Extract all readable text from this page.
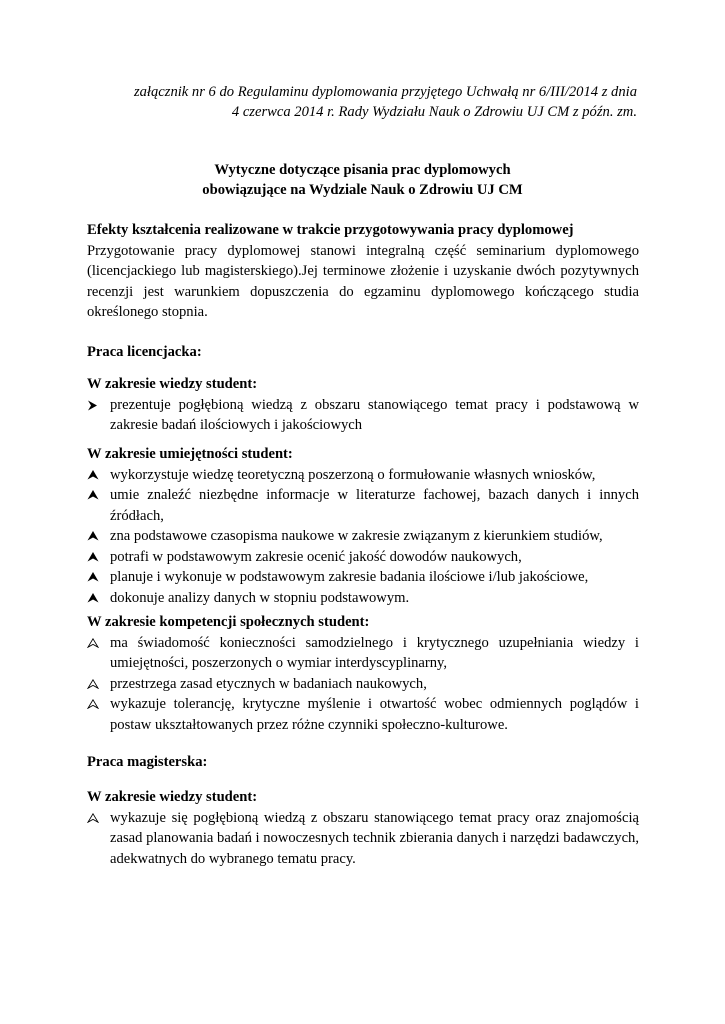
załącznik nr 6 do Regulaminu dyplomowania przyjętego Uchwałą nr 6/III/2014 z dnia
4 czerwca 2014 r. Rady Wydziału Nauk o Zdrowiu UJ CM z późn. zm.
Wytyczne dotyczące pisania prac dyplomowych
obowiązujące na Wydziale Nauk o Zdrowiu UJ CM
Efekty kształcenia realizowane w trakcie przygotowywania pracy dyplomowej
Przygotowanie pracy dyplomowej stanowi integralną część seminarium dyplomowego (licencjackiego lub magisterskiego).Jej terminowe złożenie i uzyskanie dwóch pozytywnych recenzji jest warunkiem dopuszczenia do egzaminu dyplomowego kończącego studia określonego stopnia.
Praca licencjacka:
W zakresie wiedzy student:
prezentuje pogłębioną wiedzą z obszaru stanowiącego temat pracy i podstawową w zakresie badań ilościowych i jakościowych
W zakresie umiejętności student:
wykorzystuje wiedzę teoretyczną poszerzoną o formułowanie własnych wniosków,
umie znaleźć niezbędne informacje w literaturze fachowej, bazach danych i innych źródłach,
zna podstawowe czasopisma naukowe w zakresie związanym z kierunkiem studiów,
potrafi w podstawowym zakresie ocenić jakość dowodów naukowych,
planuje i wykonuje w podstawowym zakresie badania ilościowe i/lub jakościowe,
dokonuje analizy danych w stopniu podstawowym.
W zakresie kompetencji społecznych student:
ma świadomość konieczności samodzielnego i krytycznego uzupełniania wiedzy i umiejętności, poszerzonych o wymiar interdyscyplinarny,
przestrzega zasad etycznych w badaniach naukowych,
wykazuje tolerancję, krytyczne myślenie i otwartość wobec odmiennych poglądów i postaw ukształtowanych przez różne czynniki społeczno-kulturowe.
Praca magisterska:
W zakresie wiedzy student:
wykazuje się pogłębioną wiedzą z obszaru stanowiącego temat pracy oraz znajomością zasad planowania badań i nowoczesnych technik zbierania danych i narzędzi badawczych, adekwatnych do wybranego tematu pracy.
